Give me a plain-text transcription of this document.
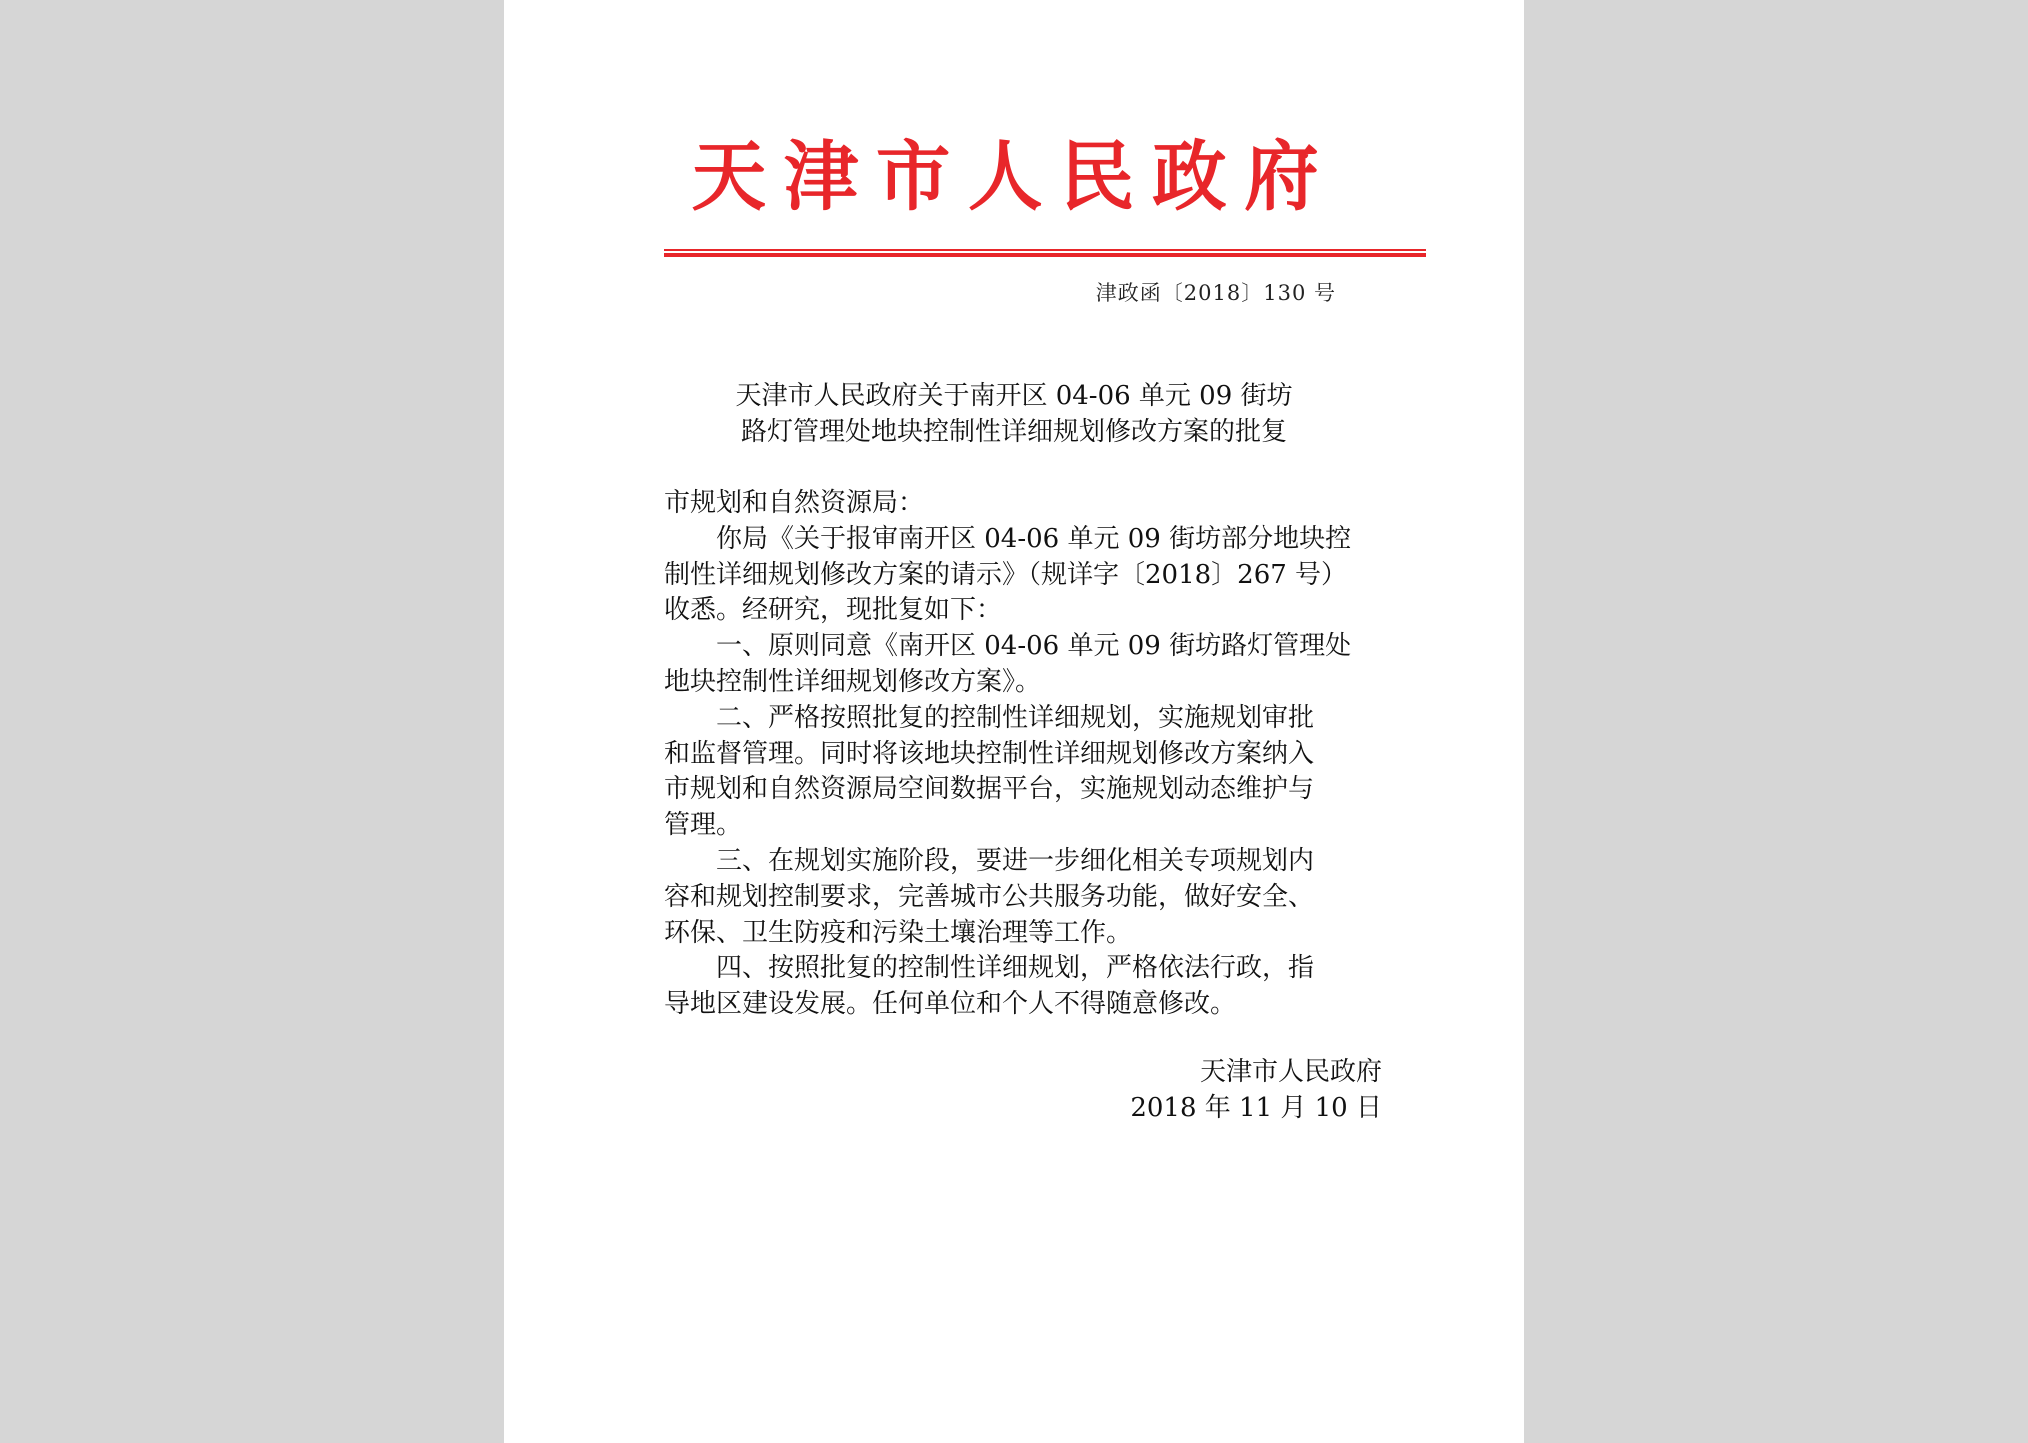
天津市人民政府
津政函〔2018〕130 号
天津市人民政府关于南开区 04-06 单元 09 街坊
路灯管理处地块控制性详细规划修改方案的批复
市规划和自然资源局：
你局《关于报审南开区 04-06 单元 09 街坊部分地块控
制性详细规划修改方案的请示》（规详字〔2018〕267 号）
收悉。经研究，现批复如下：
一、原则同意《南开区 04-06 单元 09 街坊路灯管理处
地块控制性详细规划修改方案》。
二、严格按照批复的控制性详细规划，实施规划审批
和监督管理。同时将该地块控制性详细规划修改方案纳入
市规划和自然资源局空间数据平台，实施规划动态维护与
管理。
三、在规划实施阶段，要进一步细化相关专项规划内
容和规划控制要求，完善城市公共服务功能，做好安全、
环保、卫生防疫和污染土壤治理等工作。
四、按照批复的控制性详细规划，严格依法行政，指
导地区建设发展。任何单位和个人不得随意修改。
天津市人民政府
2018 年 11 月 10 日
